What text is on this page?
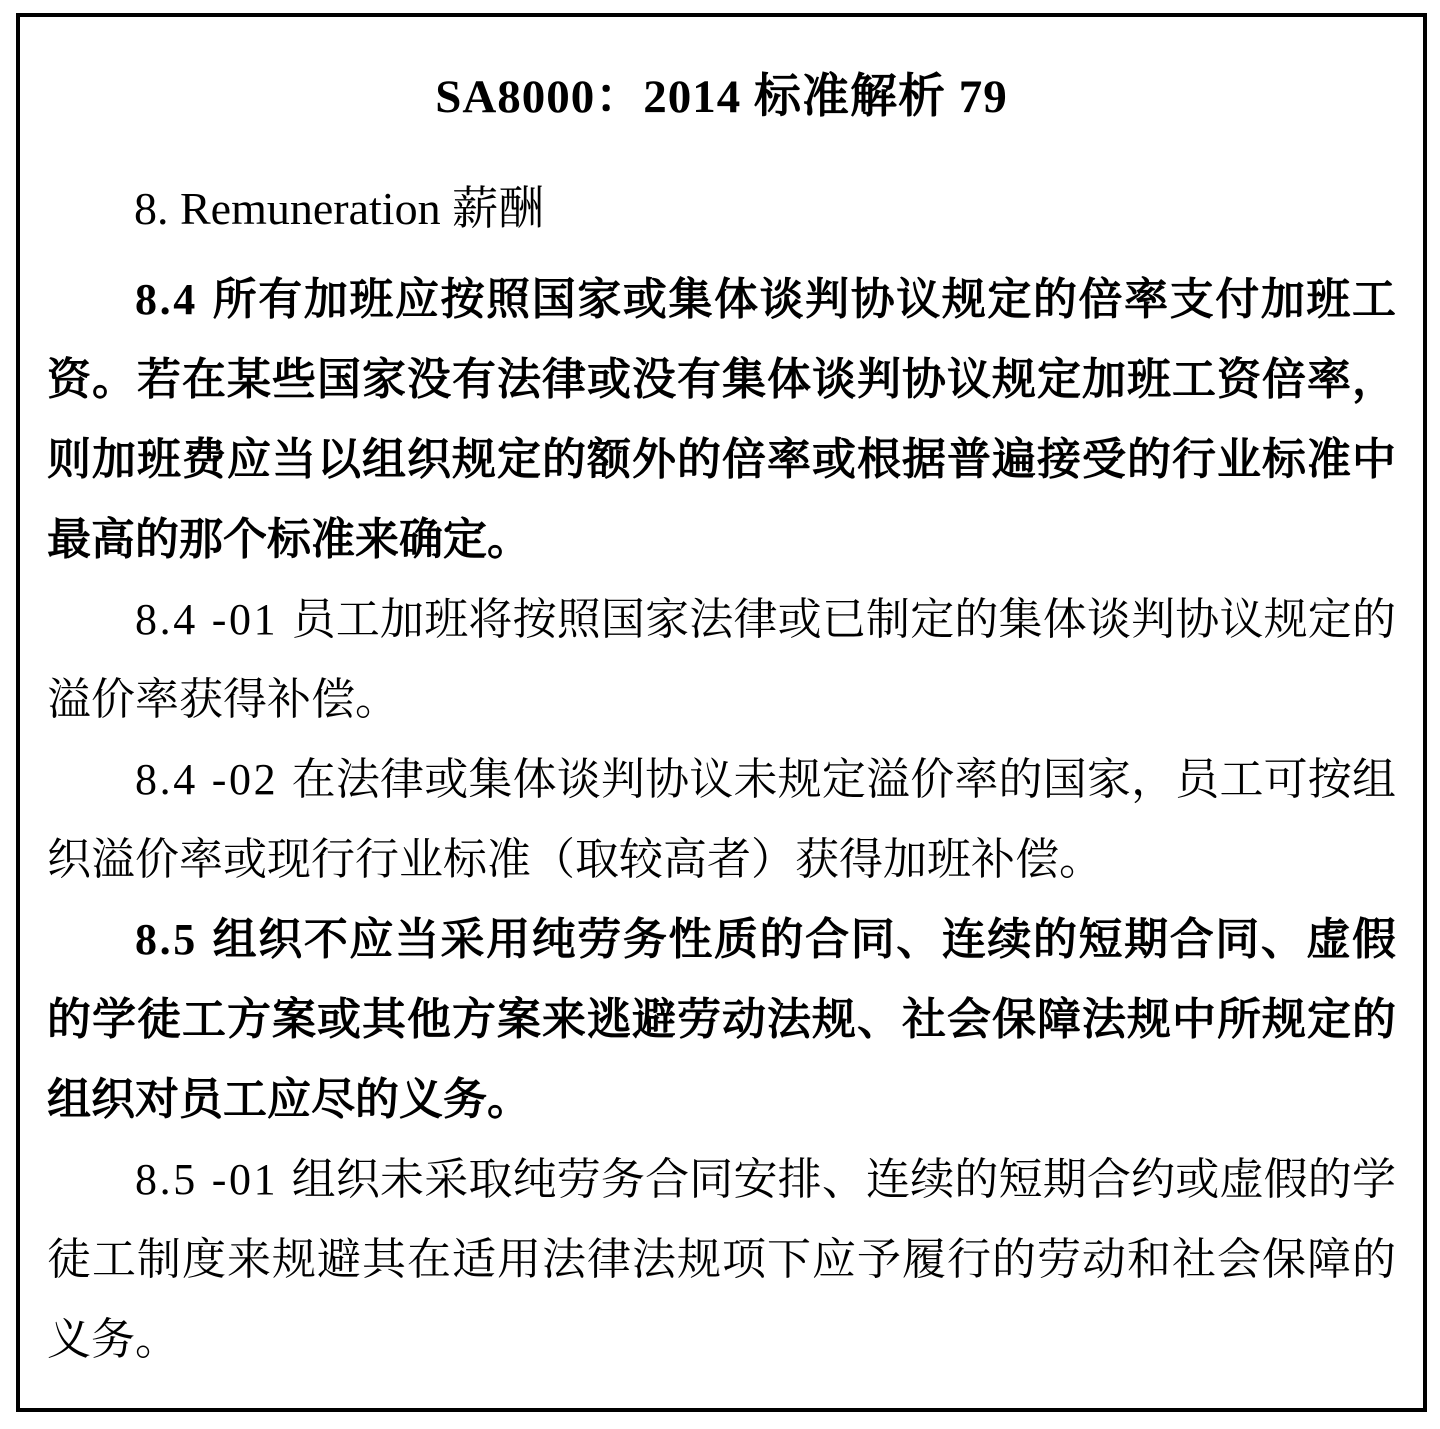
SA8000：2014 标准解析 79

8. Remuneration 薪酬

8.4 所有加班应按照国家或集体谈判协议规定的倍率支付加班工资。若在某些国家没有法律或没有集体谈判协议规定加班工资倍率，则加班费应当以组织规定的额外的倍率或根据普遍接受的行业标准中最高的那个标准来确定。

8.4 -01 员工加班将按照国家法律或已制定的集体谈判协议规定的溢价率获得补偿。

8.4 -02 在法律或集体谈判协议未规定溢价率的国家，员工可按组织溢价率或现行行业标准（取较高者）获得加班补偿。

8.5 组织不应当采用纯劳务性质的合同、连续的短期合同、虚假的学徒工方案或其他方案来逃避劳动法规、社会保障法规中所规定的组织对员工应尽的义务。

8.5 -01 组织未采取纯劳务合同安排、连续的短期合约或虚假的学徒工制度来规避其在适用法律法规项下应予履行的劳动和社会保障的义务。
